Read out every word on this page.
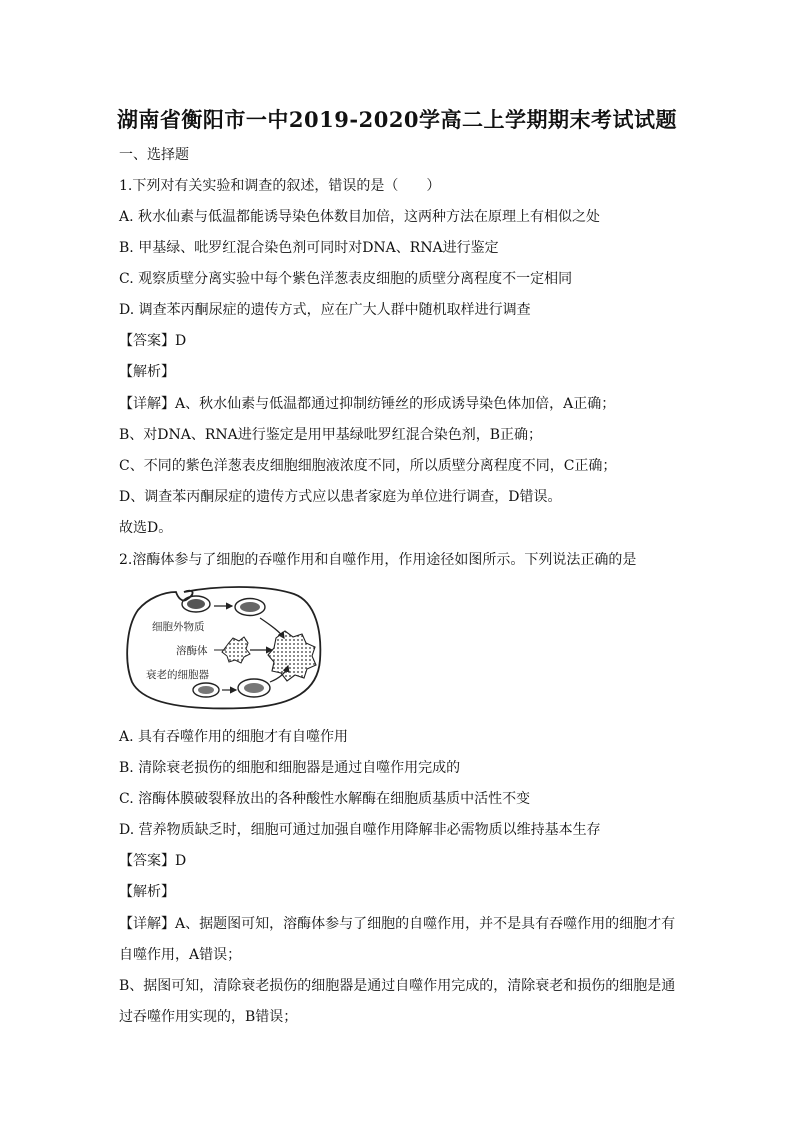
湖南省衡阳市一中2019-2020学高二上学期期末考试试题
一、选择题
1.下列对有关实验和调查的叙述，错误的是（　　）
A. 秋水仙素与低温都能诱导染色体数目加倍，这两种方法在原理上有相似之处
B. 甲基绿、吡罗红混合染色剂可同时对DNA、RNA进行鉴定
C. 观察质壁分离实验中每个紫色洋葱表皮细胞的质壁分离程度不一定相同
D. 调查苯丙酮尿症的遗传方式，应在广大人群中随机取样进行调查
【答案】D
【解析】
【详解】A、秋水仙素与低温都通过抑制纺锤丝的形成诱导染色体加倍，A正确；
B、对DNA、RNA进行鉴定是用甲基绿吡罗红混合染色剂，B正确；
C、不同的紫色洋葱表皮细胞细胞液浓度不同，所以质壁分离程度不同，C正确；
D、调查苯丙酮尿症的遗传方式应以患者家庭为单位进行调查，D错误。
故选D。
2.溶酶体参与了细胞的吞噬作用和自噬作用，作用途径如图所示。下列说法正确的是
细胞外物质
溶酶体
衰老的细胞器
A. 具有吞噬作用的细胞才有自噬作用
B. 清除衰老损伤的细胞和细胞器是通过自噬作用完成的
C. 溶酶体膜破裂释放出的各种酸性水解酶在细胞质基质中活性不变
D. 营养物质缺乏时，细胞可通过加强自噬作用降解非必需物质以维持基本生存
【答案】D
【解析】
【详解】A、据题图可知，溶酶体参与了细胞的自噬作用，并不是具有吞噬作用的细胞才有
自噬作用，A错误；
B、据图可知，清除衰老损伤的细胞器是通过自噬作用完成的，清除衰老和损伤的细胞是通
过吞噬作用实现的，B错误；
